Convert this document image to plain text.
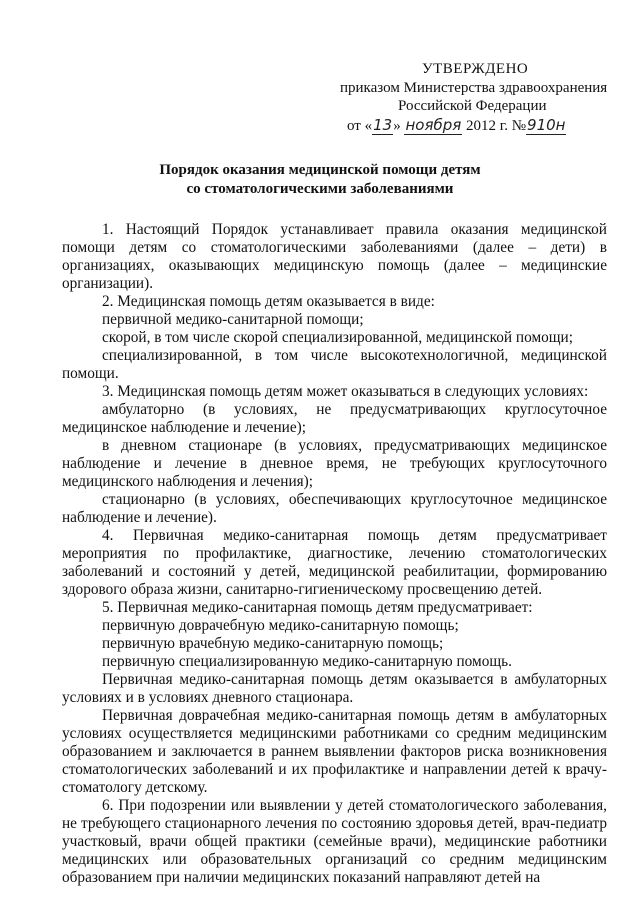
УТВЕРЖДЕНО
приказом Министерства здравоохранения
Российской Федерации
от «13» ноября 2012 г. №910н
Порядок оказания медицинской помощи детям
со стоматологическими заболеваниями

1. Настоящий Порядок устанавливает правила оказания медицинской помощи детям со стоматологическими заболеваниями (далее – дети) в организациях, оказывающих медицинскую помощь (далее – медицинские организации).

2. Медицинская помощь детям оказывается в виде:

первичной медико-санитарной помощи;

скорой, в том числе скорой специализированной, медицинской помощи;

специализированной, в том числе высокотехнологичной, медицинской помощи.

3. Медицинская помощь детям может оказываться в следующих условиях:

амбулаторно (в условиях, не предусматривающих круглосуточное медицинское наблюдение и лечение);

в дневном стационаре (в условиях, предусматривающих медицинское наблюдение и лечение в дневное время, не требующих круглосуточного медицинского наблюдения и лечения);

стационарно (в условиях, обеспечивающих круглосуточное медицинское наблюдение и лечение).

4. Первичная медико-санитарная помощь детям предусматривает мероприятия по профилактике, диагностике, лечению стоматологических заболеваний и состояний у детей, медицинской реабилитации, формированию здорового образа жизни, санитарно-гигиеническому просвещению детей.

5. Первичная медико-санитарная помощь детям предусматривает:

первичную доврачебную медико-санитарную помощь;

первичную врачебную медико-санитарную помощь;

первичную специализированную медико-санитарную помощь.

Первичная медико-санитарная помощь детям оказывается в амбулаторных условиях и в условиях дневного стационара.

Первичная доврачебная медико-санитарная помощь детям в амбулаторных условиях осуществляется медицинскими работниками со средним медицинским образованием и заключается в раннем выявлении факторов риска возникновения стоматологических заболеваний и их профилактике и направлении детей к врачу-стоматологу детскому.

6. При подозрении или выявлении у детей стоматологического заболевания, не требующего стационарного лечения по состоянию здоровья детей, врач-педиатр участковый, врачи общей практики (семейные врачи), медицинские работники медицинских или образовательных организаций со средним медицинским образованием при наличии медицинских показаний направляют детей на
